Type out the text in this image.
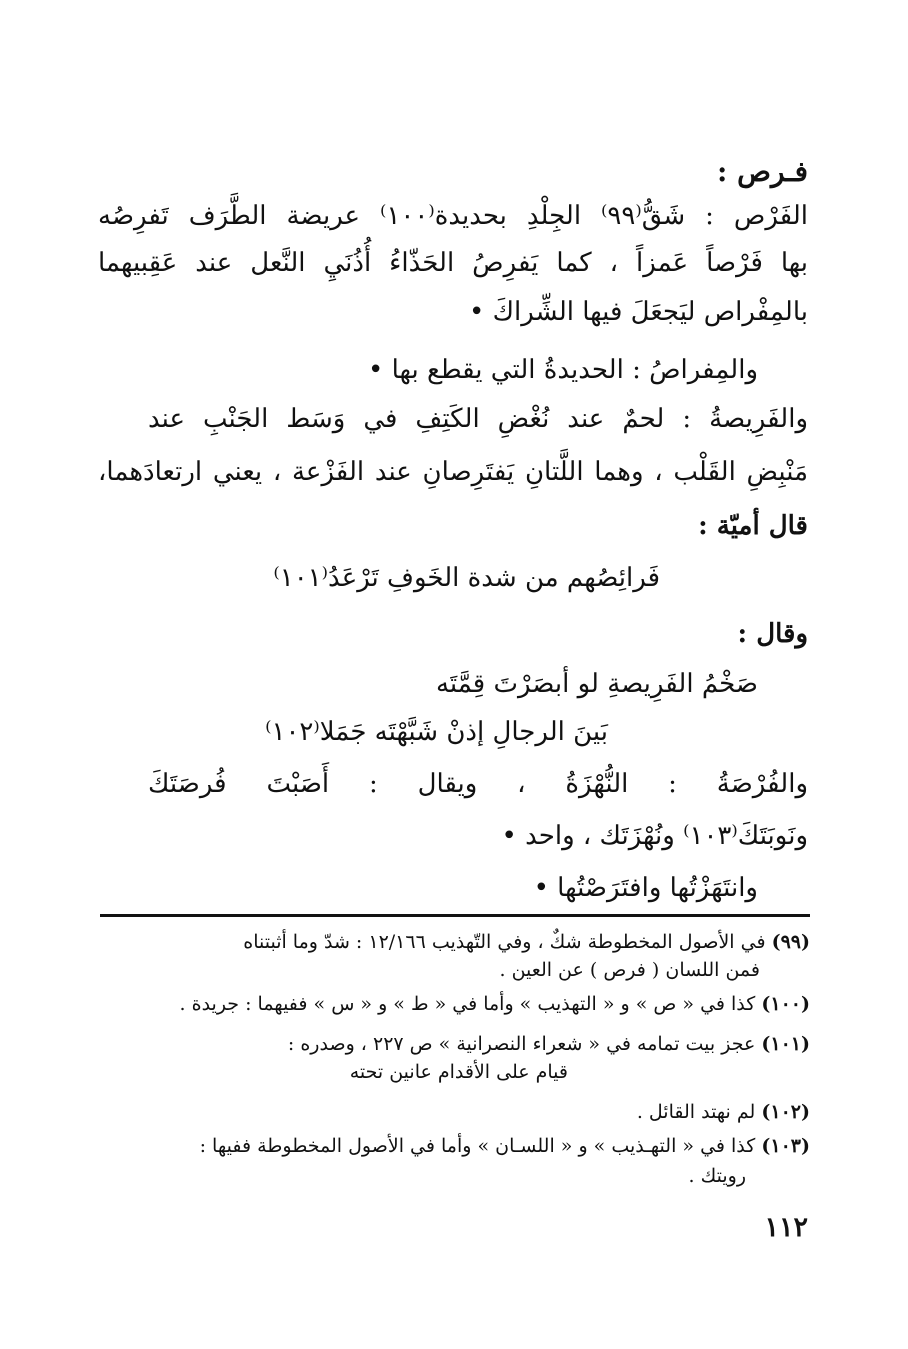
فـرص :
الفَرْص : شَقّ‏ُ⁽٩٩⁾ الجِلْدِ بحديدة⁽١٠٠⁾ عريضة الطَّرَف تَفرِصُه
بها فَرْصاً عَمزاً ، كما يَفرِصُ الحَذّاءُ أُذُنَيِ النَّعل عند عَقِبيهما
بالمِفْراص ليَجعَلَ فيها الشِّراكَ •
والمِفراصُ : الحديدةُ التي يقطع بها •
والفَرِيصةُ : لحمٌ عند نُغْضِ الكَتِفِ في وَسَط الجَنْبِ عند
مَنْبِضِ القَلْب ، وهما اللَّتانِ يَفتَرِصانِ عند الفَزْعة ، يعني ارتعادَهما،
قال أميّة :
فَرائِصُهم من شدة الخَوفِ تَرْعَدُ⁽١٠١⁾
وقال :
صَخْمُ الفَرِيصةِ لو أبصَرْتَ قِمَّتَه
بَينَ الرجالِ إذنْ شَبَّهْتَه جَمَلا⁽١٠٢⁾
والفُرْصَةُ : النُّهْزَةُ ، ويقال : أَصَبْتَ فُرصَتَكَ
ونَوبَتَكَ⁽١٠٣⁾ ونُهْزَتَك ، واحد •
وانتَهَزْتُها وافتَرَصْتُها •
(٩٩) في الأصول المخطوطة شكٌ ، وفي التّهذيب ١٢/١٦٦ : شدّ وما أثبتناه
فمن اللسان ( فرص ) عن العين .
(١٠٠) كذا في « ص » و « التهذيب » وأما في « ط » و « س » ففيهما : جريدة .
(١٠١) عجز بيت تمامه في « شعراء النصرانية » ص ٢٢٧ ، وصدره :
قيام على الأقدام عانين تحته
(١٠٢) لم نهتد القائل .
(١٠٣) كذا في « التهـذيب » و « اللسـان » وأما في الأصول المخطوطة ففيها :
رويتك .
١١٢
